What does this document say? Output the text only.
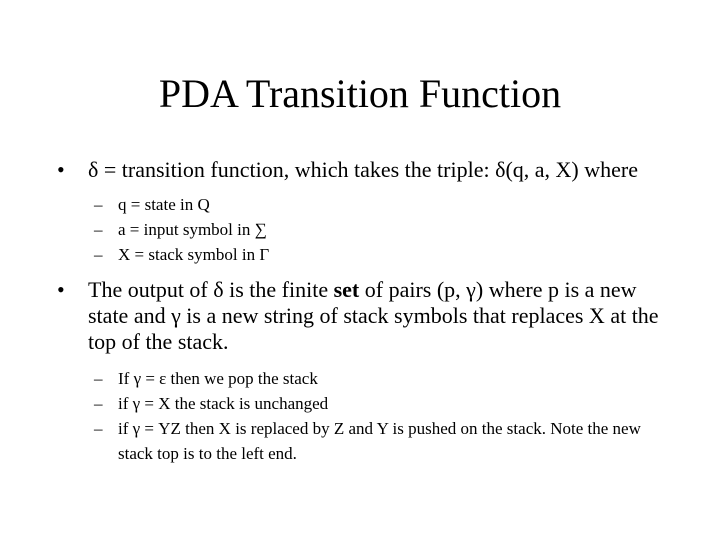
PDA Transition Function

• δ = transition function, which takes the triple: δ(q, a, X) where

– q = state in Q
– a = input symbol in ∑
– X = stack symbol in Γ

• The output of δ is the finite set of pairs (p, γ) where p is a new state and γ is a new string of stack symbols that replaces X at the top of the stack.

– If γ = ε then we pop the stack
– if γ = X the stack is unchanged
– if γ = YZ then X is replaced by Z and Y is pushed on the stack. Note the new stack top is to the left end.
